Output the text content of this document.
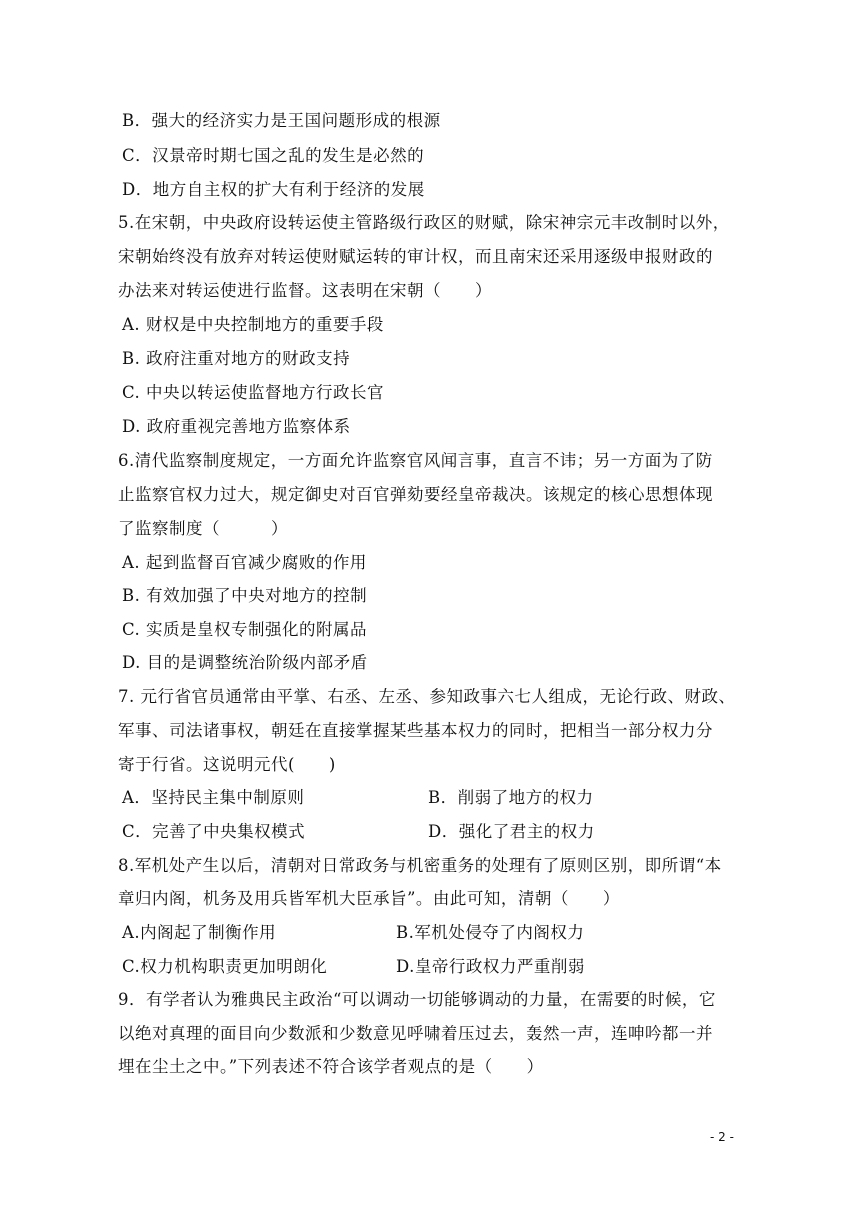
B．强大的经济实力是王国问题形成的根源

C．汉景帝时期七国之乱的发生是必然的

D．地方自主权的扩大有利于经济的发展

5.在宋朝，中央政府设转运使主管路级行政区的财赋，除宋神宗元丰改制时以外，

宋朝始终没有放弃对转运使财赋运转的审计权，而且南宋还采用逐级申报财政的

办法来对转运使进行监督。这表明在宋朝（　　）

A. 财权是中央控制地方的重要手段

B. 政府注重对地方的财政支持

C. 中央以转运使监督地方行政长官

D. 政府重视完善地方监察体系

6.清代监察制度规定，一方面允许监察官风闻言事，直言不讳；另一方面为了防

止监察官权力过大，规定御史对百官弹劾要经皇帝裁决。该规定的核心思想体现

了监察制度（　　　）

A. 起到监督百官减少腐败的作用

B. 有效加强了中央对地方的控制

C. 实质是皇权专制强化的附属品

D. 目的是调整统治阶级内部矛盾

7. 元行省官员通常由平掌、右丞、左丞、参知政事六七人组成，无论行政、财政、

军事、司法诸事权，朝廷在直接掌握某些基本权力的同时，把相当一部分权力分

寄于行省。这说明元代(　　)

A．坚持民主集中制原则	B．削弱了地方的权力

C．完善了中央集权模式	D．强化了君主的权力

8.军机处产生以后，清朝对日常政务与机密重务的处理有了原则区别，即所谓“本

章归内阁，机务及用兵皆军机大臣承旨”。由此可知，清朝（　　）

A.内阁起了制衡作用	B.军机处侵夺了内阁权力

C.权力机构职责更加明朗化	D.皇帝行政权力严重削弱

9．有学者认为雅典民主政治“可以调动一切能够调动的力量，在需要的时候，它

以绝对真理的面目向少数派和少数意见呼啸着压过去，轰然一声，连呻吟都一并

埋在尘土之中。”下列表述不符合该学者观点的是（　　）

- 2 -
